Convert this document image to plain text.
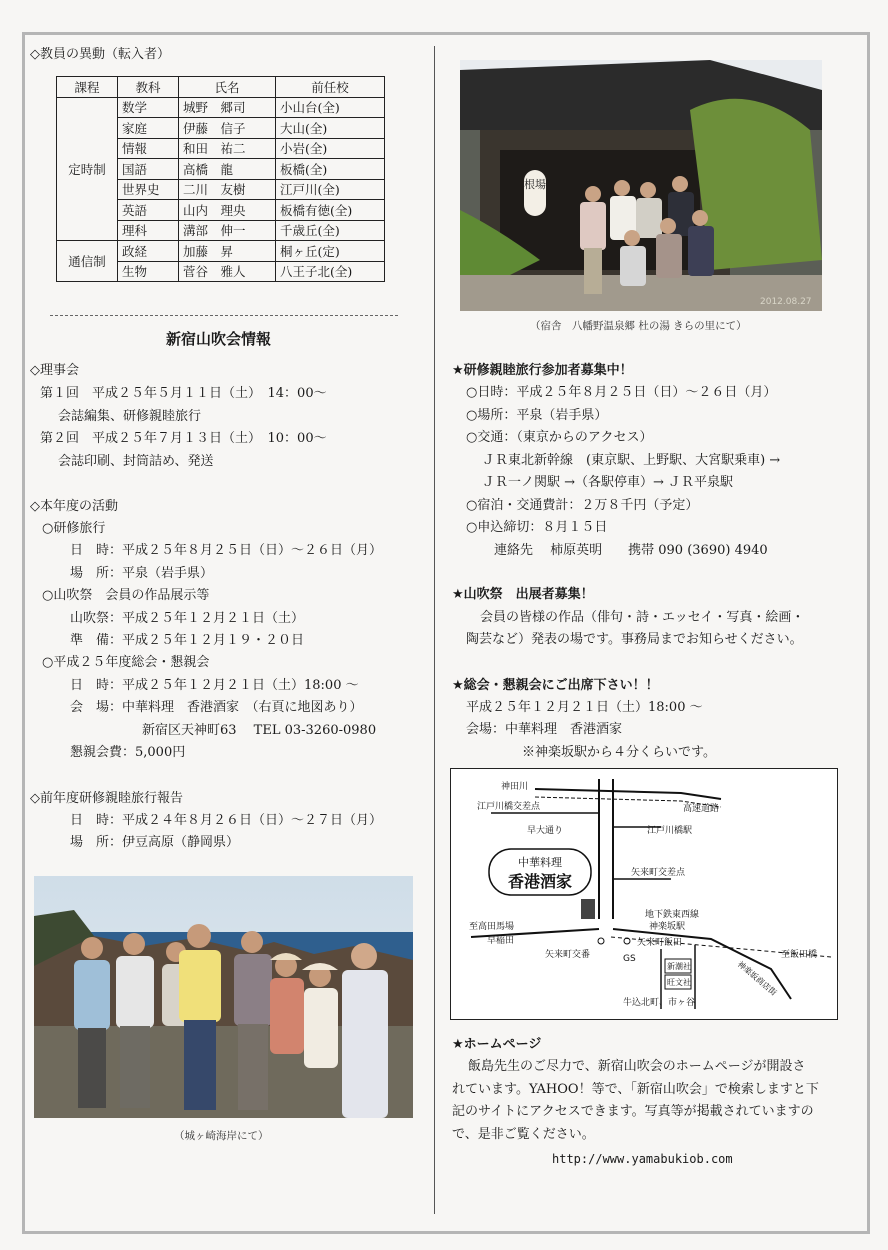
◇教員の異動（転入者）
課程	教科	氏名	前任校
定時制	数学	城野　郷司	小山台(全)
	家庭	伊藤　信子	大山(全)
	情報	和田　祐二	小岩(全)
	国語	高橋　龍	板橋(全)
	世界史	二川　友樹	江戸川(全)
	英語	山内　理央	板橋有徳(全)
	理科	溝部　伸一	千歳丘(全)
通信制	政経	加藤　昇	桐ヶ丘(定)
	生物	菅谷　雅人	八王子北(全)
新宿山吹会情報
◇理事会
第１回　平成２５年５月１１日（土）　14：00～
会誌編集、研修親睦旅行
第２回　平成２５年７月１３日（土）　10：00～
会誌印刷、封筒詰め、発送
◇本年度の活動
○研修旅行
日　時：平成２５年８月２５日（日）～２６日（月）
場　所：平泉（岩手県）
○山吹祭　会員の作品展示等
山吹祭：平成２５年１２月２１日（土）
準　備：平成２５年１２月１９・２０日
○平成２５年度総会・懇親会
日　時：平成２５年１２月２１日（土）18:00 ～
会　場：中華料理　香港酒家　（右頁に地図あり）
新宿区天神町63　 TEL 03-3260-0980
懇親会費：5,000円
◇前年度研修親睦旅行報告
日　時：平成２４年８月２６日（日）～２７日（月）
場　所：伊豆高原（静岡県）
（城ヶ崎海岸にて）
根場
2012.08.27
（宿舎　八幡野温泉郷 杜の湯 きらの里にて）
★研修親睦旅行参加者募集中！
○日時：平成２５年８月２５日（日）～２６日（月）
○場所：平泉（岩手県）
○交通：（東京からのアクセス）
ＪＲ東北新幹線　(東京駅、上野駅、大宮駅乗車) →
ＪＲ一ノ関駅 →（各駅停車）→ ＪＲ平泉駅
○宿泊・交通費計：２万８千円（予定）
○申込締切：８月１５日
連絡先　 柿原英明　　携帯 090 (3690) 4940
★山吹祭　出展者募集！
会員の皆様の作品（俳句・詩・エッセイ・写真・絵画・
陶芸など）発表の場です。事務局までお知らせください。
★総会・懇親会にご出席下さい！！
平成２５年１２月２１日（土）18:00 ～
会場：中華料理　香港酒家
※神楽坂駅から４分くらいです。
中華料理
香港酒家
神田川
江戸川橋交差点	高速道路
早大通り	江戸川橋駅
矢来町交差点
地下鉄東西線
神楽坂駅
至高田馬場
早稲田
矢来町交番	GS
矢来町飯田
至飯田橋
神楽坂商店街
新潮社
旺文社
牛込北町、市ヶ谷
★ホームページ
飯島先生のご尽力で、新宿山吹会のホームページが開設さ
れています。YAHOO！等で、「新宿山吹会」で検索しますと下
記のサイトにアクセスできます。写真等が掲載されていますの
で、是非ご覧ください。
http://www.yamabukiob.com
